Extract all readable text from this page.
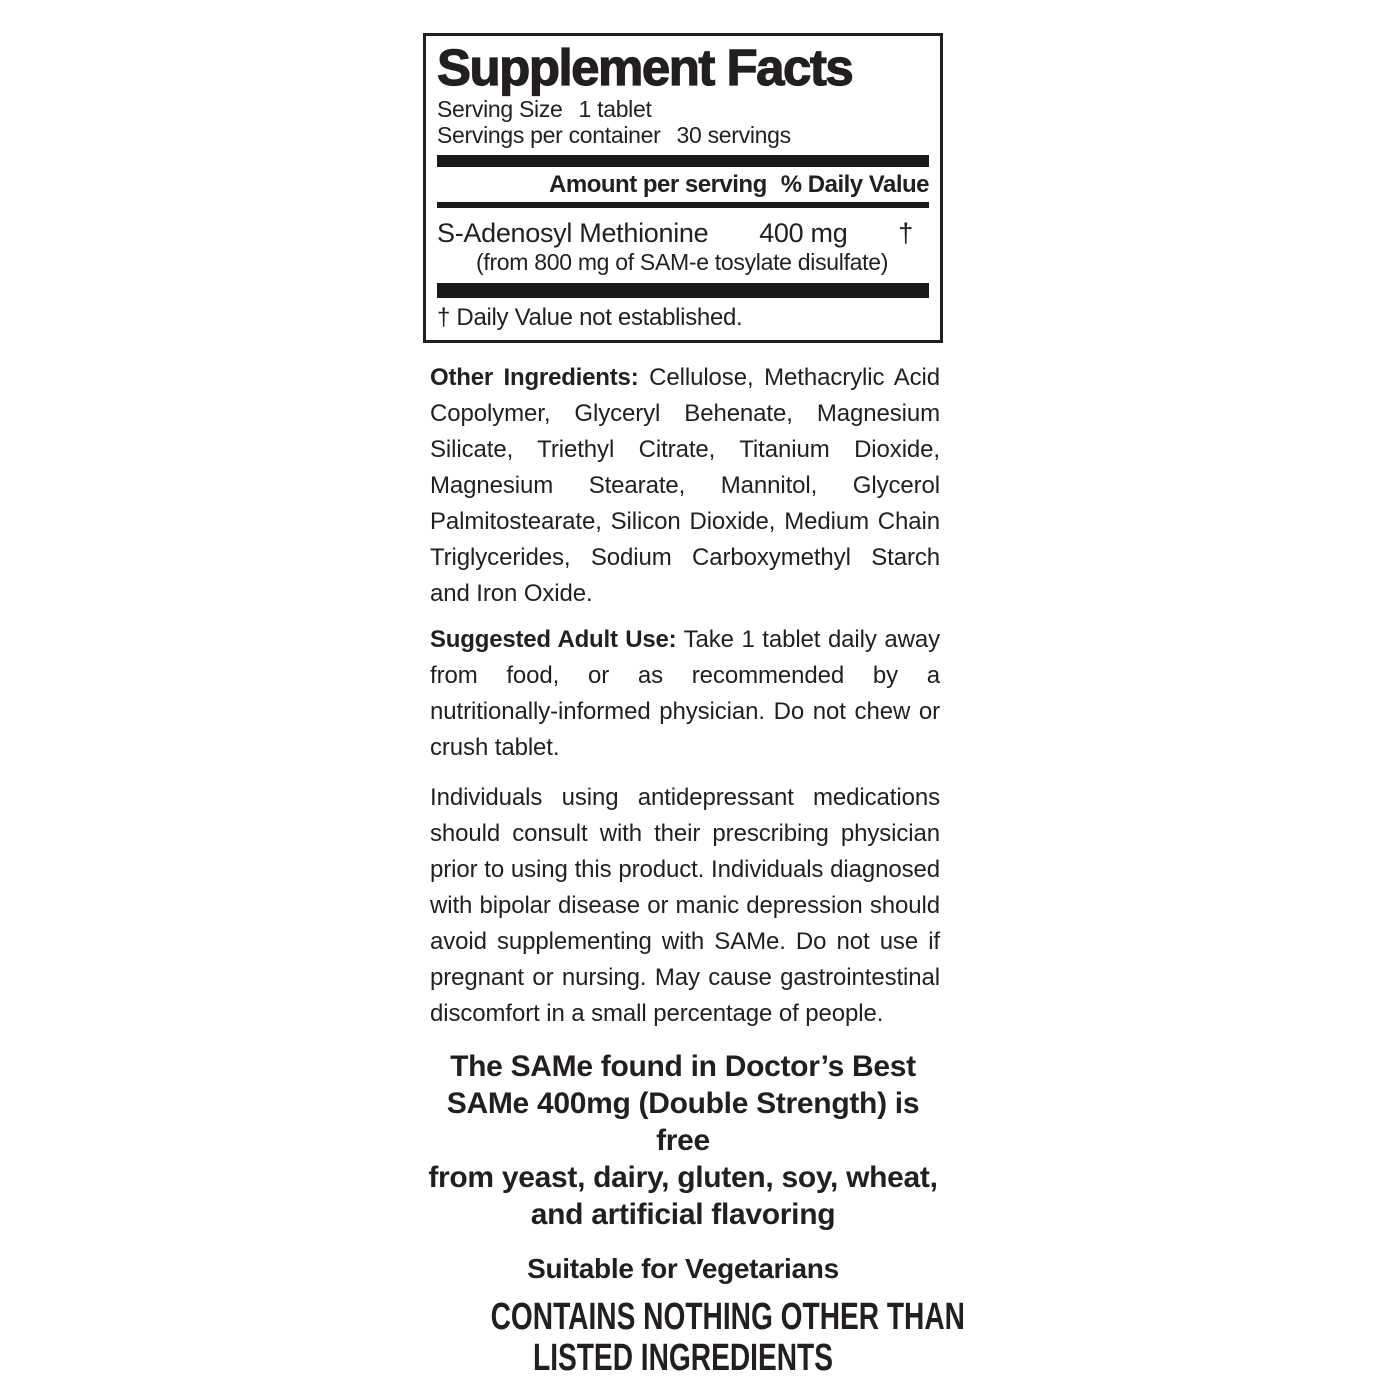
Supplement Facts
Serving Size 1 tablet
Servings per container 30 servings
Amount per serving % Daily Value
S-Adenosyl Methionine 400 mg †
(from 800 mg of SAM-e tosylate disulfate)
† Daily Value not established.

Other Ingredients: Cellulose, Methacrylic Acid Copolymer, Glyceryl Behenate, Magnesium Silicate, Triethyl Citrate, Titanium Dioxide, Magnesium Stearate, Mannitol, Glycerol Palmitostearate, Silicon Dioxide, Medium Chain Triglycerides, Sodium Carboxymethyl Starch and Iron Oxide.

Suggested Adult Use: Take 1 tablet daily away from food, or as recommended by a nutritionally-informed physician. Do not chew or crush tablet.

Individuals using antidepressant medications should consult with their prescribing physician prior to using this product. Individuals diagnosed with bipolar disease or manic depression should avoid supplementing with SAMe. Do not use if pregnant or nursing. May cause gastrointestinal discomfort in a small percentage of people.

The SAMe found in Doctor’s Best
SAMe 400mg (Double Strength) is free
from yeast, dairy, gluten, soy, wheat,
and artificial flavoring
Suitable for Vegetarians
CONTAINS NOTHING OTHER THAN
LISTED INGREDIENTS
